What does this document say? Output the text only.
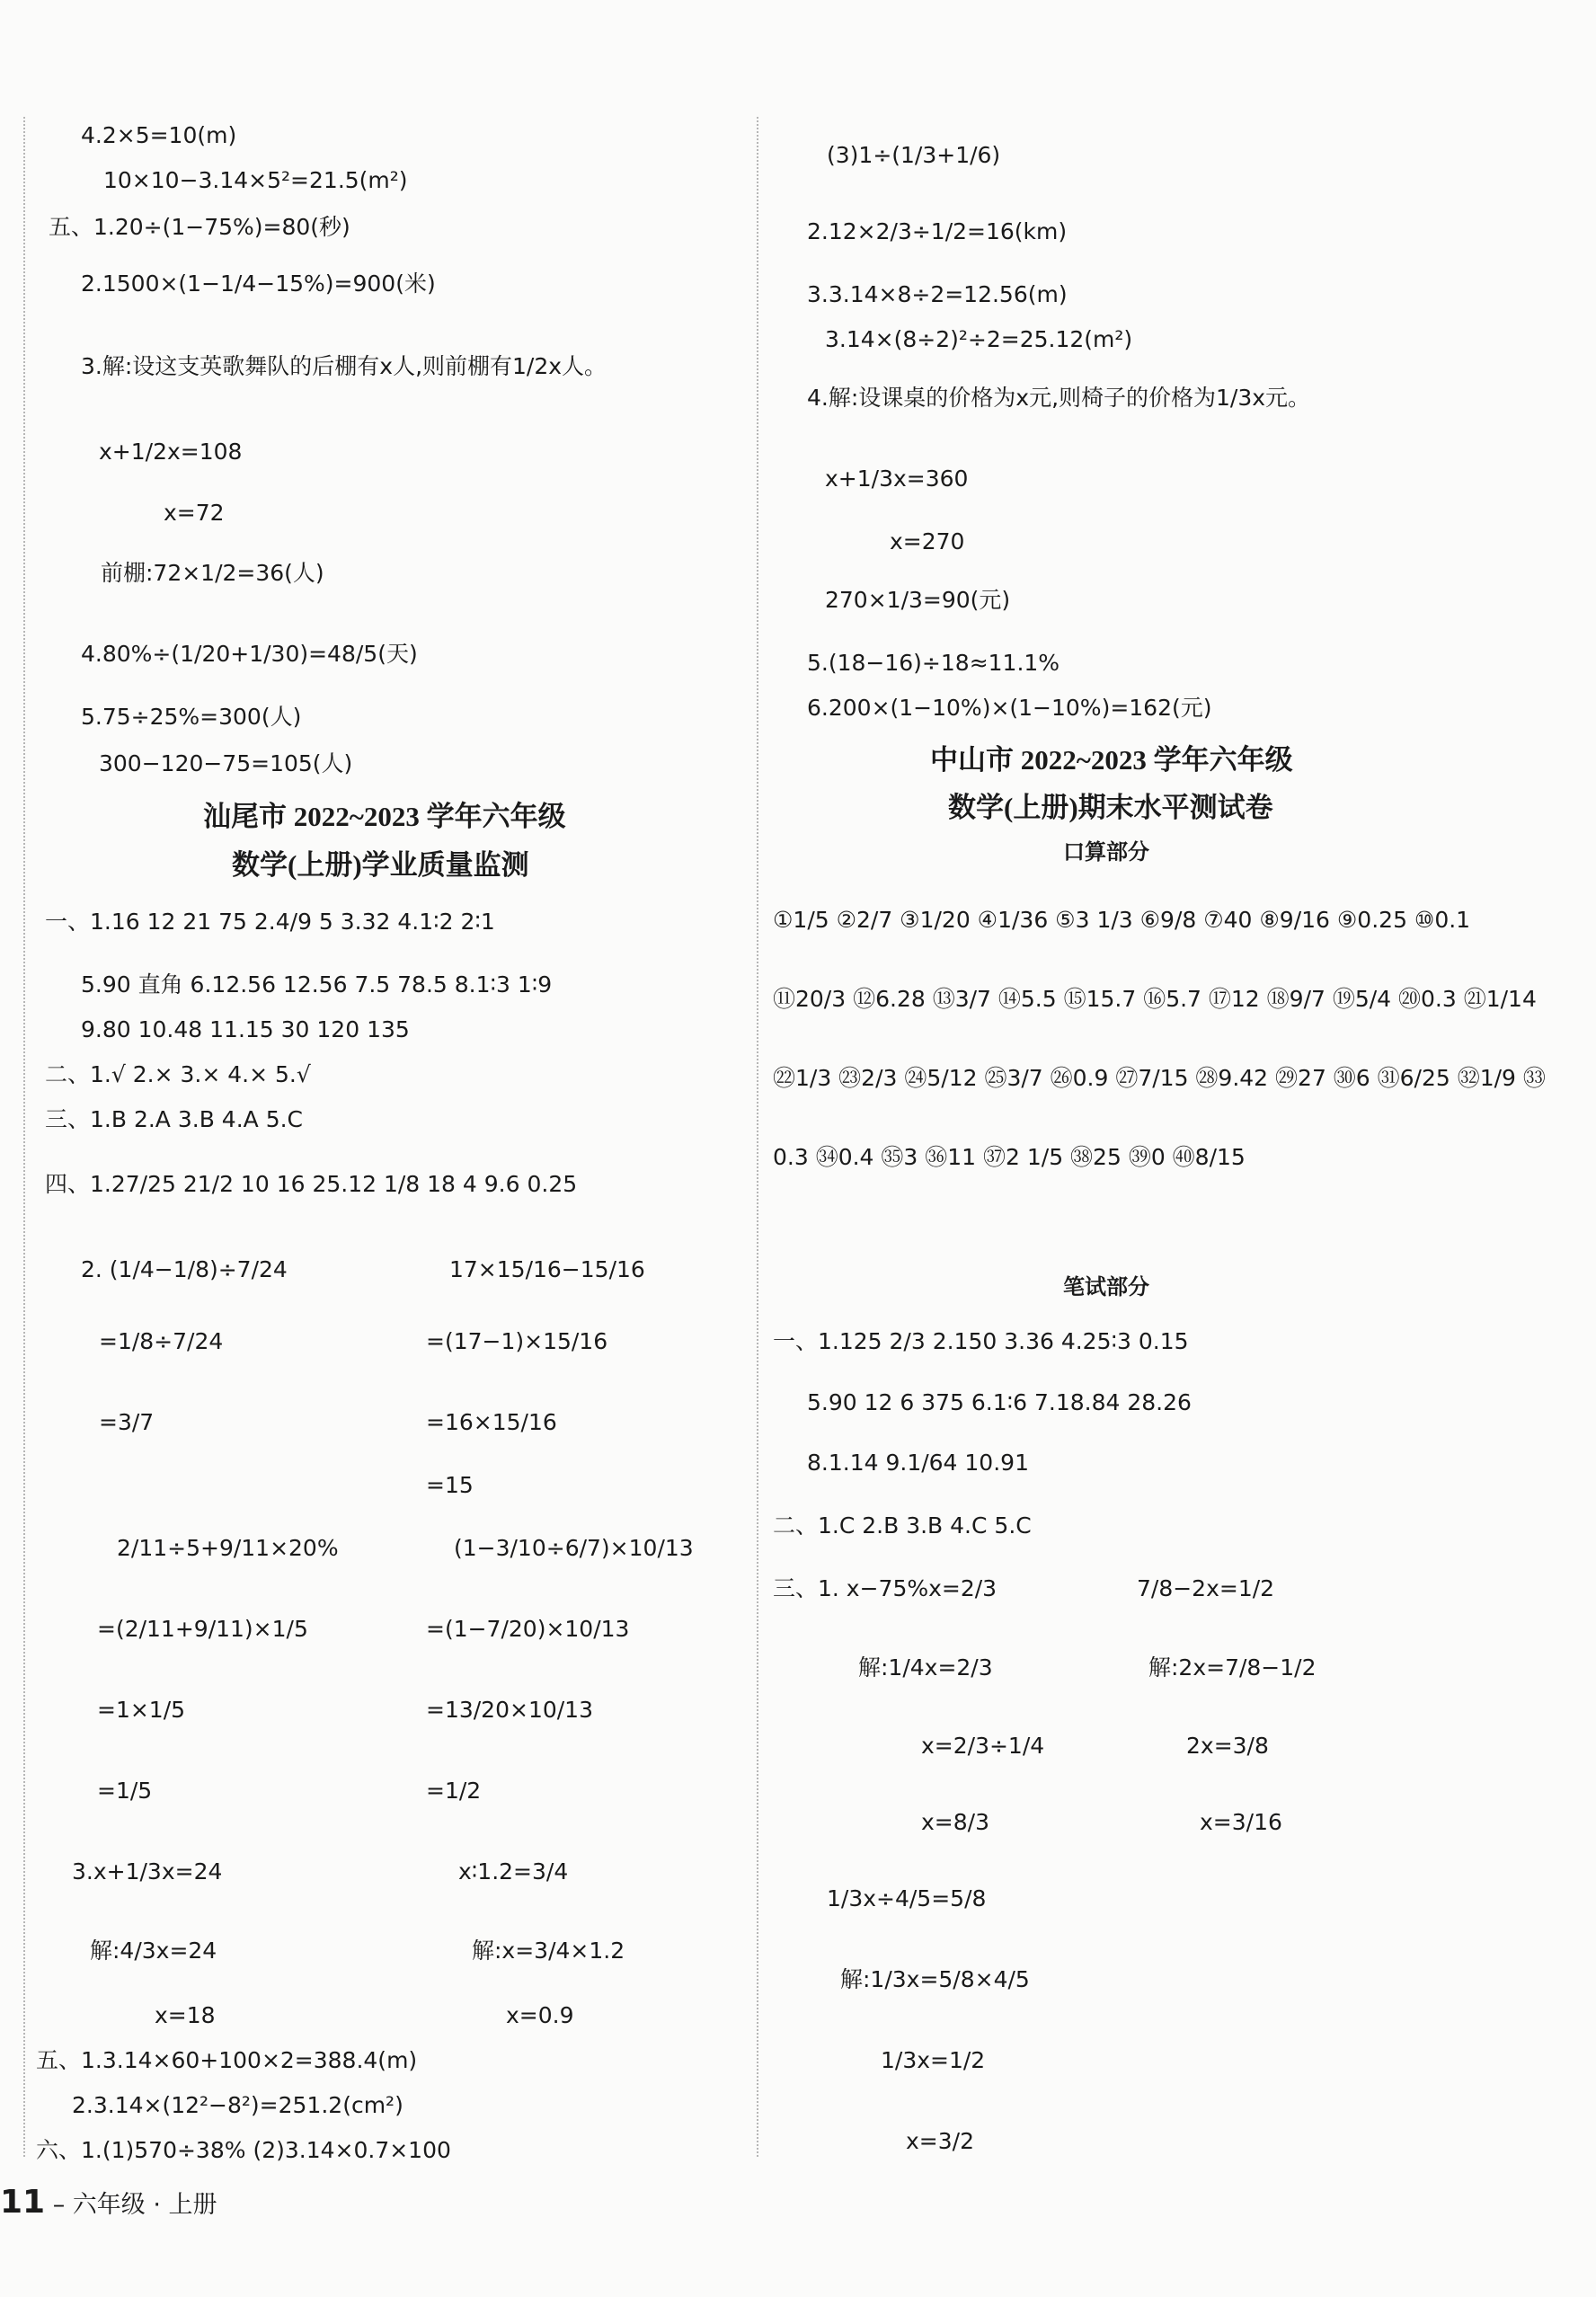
4.2×5=10(m)
10×10−3.14×5²=21.5(m²)
五、1.20÷(1−75%)=80(秒)
2.1500×(1−1/4−15%)=900(米)
3.解:设这支英歌舞队的后棚有x人,则前棚有1/2x人。
x+1/2x=108
x=72
前棚:72×1/2=36(人)
4.80%÷(1/20+1/30)=48/5(天)
5.75÷25%=300(人)
300−120−75=105(人)
汕尾市 2022~2023 学年六年级
数学(上册)学业质量监测
一、1.16 12 21 75 2.4/9 5 3.32 4.1∶2 2∶1
5.90 直角 6.12.56 12.56 7.5 78.5 8.1∶3 1∶9
9.80 10.48 11.15 30 120 135
二、1.√ 2.× 3.× 4.× 5.√
三、1.B 2.A 3.B 4.A 5.C
四、1.27/25 21/2 10 16 25.12 1/8 18 4 9.6 0.25
2. (1/4−1/8)÷7/24
=1/8÷7/24
=3/7
17×15/16−15/16
=(17−1)×15/16
=16×15/16
=15
2/11÷5+9/11×20%
=(2/11+9/11)×1/5
=1×1/5
=1/5
(1−3/10÷6/7)×10/13
=(1−7/20)×10/13
=13/20×10/13
=1/2
3.x+1/3x=24
解:4/3x=24
x=18
x∶1.2=3/4
解:x=3/4×1.2
x=0.9
五、1.3.14×60+100×2=388.4(m)
2.3.14×(12²−8²)=251.2(cm²)
六、1.(1)570÷38% (2)3.14×0.7×100
(3)1÷(1/3+1/6)
2.12×2/3÷1/2=16(km)
3.3.14×8÷2=12.56(m)
3.14×(8÷2)²÷2=25.12(m²)
4.解:设课桌的价格为x元,则椅子的价格为1/3x元。
x+1/3x=360
x=270
270×1/3=90(元)
5.(18−16)÷18≈11.1%
6.200×(1−10%)×(1−10%)=162(元)
中山市 2022~2023 学年六年级
数学(上册)期末水平测试卷
口算部分
①1/5 ②2/7 ③1/20 ④1/36 ⑤3 1/3 ⑥9/8 ⑦40 ⑧9/16 ⑨0.25 ⑩0.1 ⑪20/3 ⑫6.28 ⑬3/7 ⑭5.5 ⑮15.7 ⑯5.7 ⑰12 ⑱9/7 ⑲5/4 ⑳0.3 ㉑1/14 ㉒1/3 ㉓2/3 ㉔5/12 ㉕3/7 ㉖0.9 ㉗7/15 ㉘9.42 ㉙27 ㉚6 ㉛6/25 ㉜1/9 ㉝0.3 ㉞0.4 ㉟3 ㊱11 ㊲2 1/5 ㊳25 ㊴0 ㊵8/15
笔试部分
一、1.125 2/3 2.150 3.36 4.25∶3 0.15
5.90 12 6 375 6.1∶6 7.18.84 28.26
8.1.14 9.1/64 10.91
二、1.C 2.B 3.B 4.C 5.C
三、1. x−75%x=2/3
解:1/4x=2/3
x=2/3÷1/4
x=8/3
7/8−2x=1/2
解:2x=7/8−1/2
2x=3/8
x=3/16
1/3x÷4/5=5/8
解:1/3x=5/8×4/5
1/3x=1/2
x=3/2
11 – 六年级 · 上册
